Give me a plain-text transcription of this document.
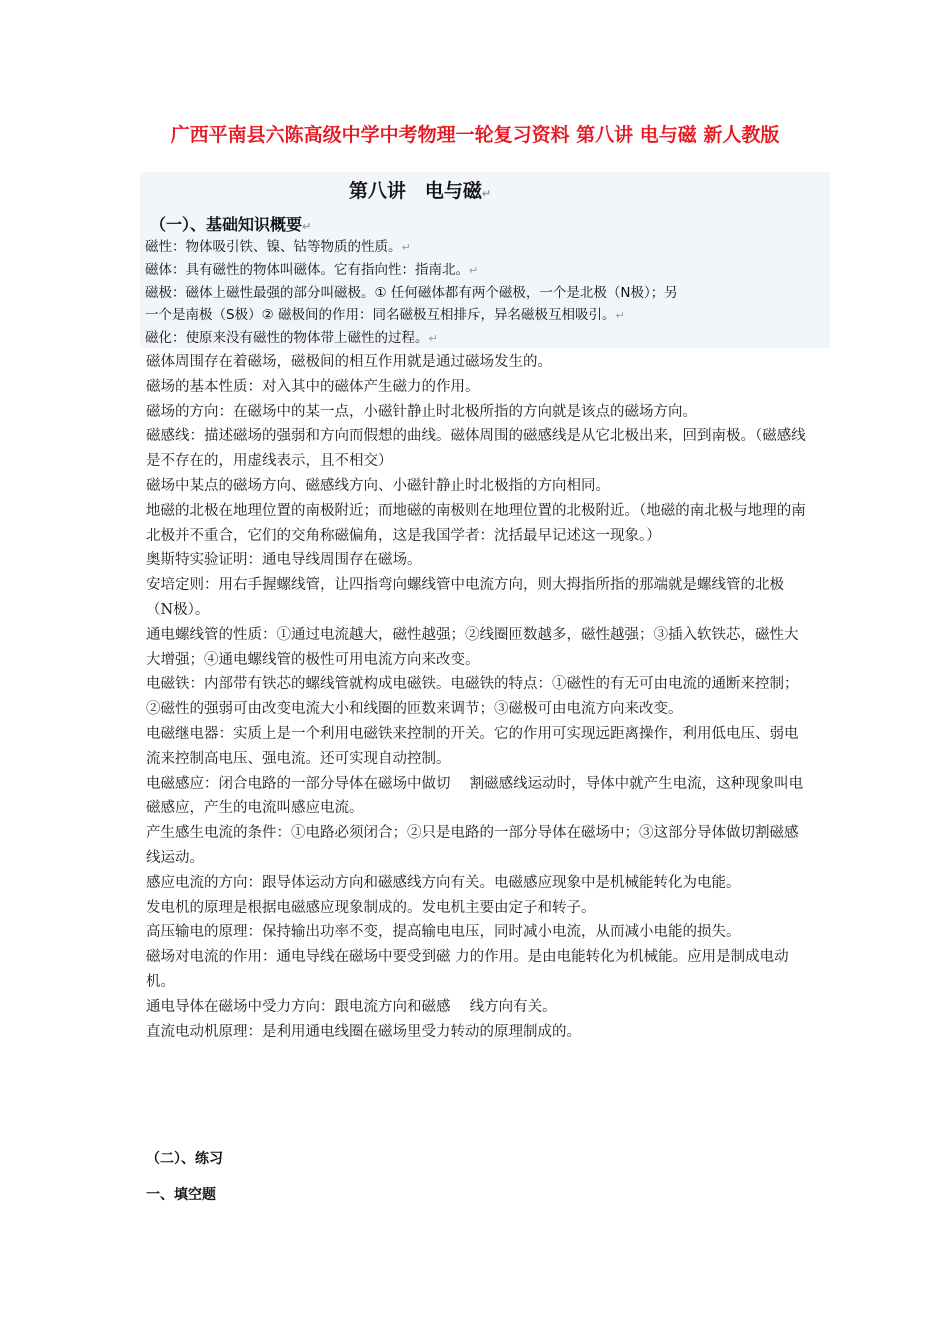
广西平南县六陈高级中学中考物理一轮复习资料 第八讲 电与磁 新人教版
第八讲　电与磁↵
（一）、基础知识概要↵
磁性：物体吸引铁、镍、钴等物质的性质。↵
磁体：具有磁性的物体叫磁体。它有指向性：指南北。↵
磁极：磁体上磁性最强的部分叫磁极。① 任何磁体都有两个磁极，一个是北极（N极）；另
一个是南极（S极）② 磁极间的作用：同名磁极互相排斥，异名磁极互相吸引。↵
磁化：使原来没有磁性的物体带上磁性的过程。↵

磁体周围存在着磁场，磁极间的相互作用就是通过磁场发生的。

磁场的基本性质：对入其中的磁体产生磁力的作用。

磁场的方向：在磁场中的某一点，小磁针静止时北极所指的方向就是该点的磁场方向。

磁感线：描述磁场的强弱和方向而假想的曲线。磁体周围的磁感线是从它北极出来，回到南极。（磁感线是不存在的，用虚线表示，且不相交）

磁场中某点的磁场方向、磁感线方向、小磁针静止时北极指的方向相同。

地磁的北极在地理位置的南极附近；而地磁的南极则在地理位置的北极附近。（地磁的南北极与地理的南北极并不重合，它们的交角称磁偏角，这是我国学者：沈括最早记述这一现象。）

奥斯特实验证明：通电导线周围存在磁场。

安培定则：用右手握螺线管，让四指弯向螺线管中电流方向，则大拇指所指的那端就是螺线管的北极（N极）。

通电螺线管的性质：①通过电流越大，磁性越强；②线圈匝数越多，磁性越强；③插入软铁芯，磁性大大增强；④通电螺线管的极性可用电流方向来改变。

电磁铁：内部带有铁芯的螺线管就构成电磁铁。电磁铁的特点：①磁性的有无可由电流的通断来控制；②磁性的强弱可由改变电流大小和线圈的匝数来调节；③磁极可由电流方向来改变。

电磁继电器：实质上是一个利用电磁铁来控制的开关。它的作用可实现远距离操作，利用低电压、弱电流来控制高电压、强电流。还可实现自动控制。

电磁感应：闭合电路的一部分导体在磁场中做切　 割磁感线运动时，导体中就产生电流，这种现象叫电磁感应，产生的电流叫感应电流。

产生感生电流的条件：①电路必须闭合；②只是电路的一部分导体在磁场中；③这部分导体做切割磁感线运动。

感应电流的方向：跟导体运动方向和磁感线方向有关。电磁感应现象中是机械能转化为电能。

发电机的原理是根据电磁感应现象制成的。发电机主要由定子和转子。

高压输电的原理：保持输出功率不变，提高输电电压，同时减小电流，从而减小电能的损失。

磁场对电流的作用：通电导线在磁场中要受到磁 力的作用。是由电能转化为机械能。应用是制成电动机。

通电导体在磁场中受力方向：跟电流方向和磁感　 线方向有关。

直流电动机原理：是利用通电线圈在磁场里受力转动的原理制成的。

（二）、练习
一、填空题
